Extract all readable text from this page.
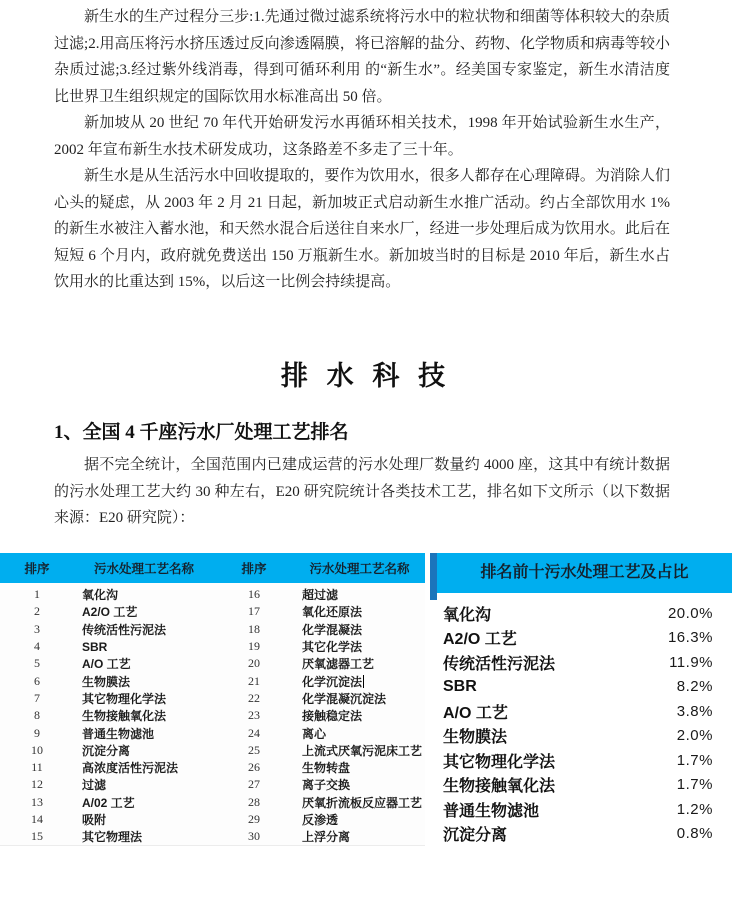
新生水的生产过程分三步:1.先通过微过滤系统将污水中的粒状物和细菌等体积较大的杂质过滤;2.用高压将污水挤压透过反向渗透隔膜，将已溶解的盐分、药物、化学物质和病毒等较小杂质过滤;3.经过紫外线消毒，得到可循环利用 的“新生水”。经美国专家鉴定，新生水清洁度比世界卫生组织规定的国际饮用水标准高出 50 倍。

新加坡从 20 世纪 70 年代开始研发污水再循环相关技术，1998 年开始试验新生水生产，2002 年宣布新生水技术研发成功，这条路差不多走了三十年。

新生水是从生活污水中回收提取的，要作为饮用水，很多人都存在心理障碍。为消除人们心头的疑虑，从 2003 年 2 月 21 日起，新加坡正式启动新生水推广活动。约占全部饮用水 1%的新生水被注入蓄水池，和天然水混合后送往自来水厂，经进一步处理后成为饮用水。此后在短短 6 个月内，政府就免费送出 150 万瓶新生水。新加坡当时的目标是 2010 年后，新生水占饮用水的比重达到 15%，以后这一比例会持续提高。

排 水 科 技
1、全国 4 千座污水厂处理工艺排名

据不完全统计，全国范围内已建成运营的污水处理厂数量约 4000 座，这其中有统计数据的污水处理工艺大约 30 种左右，E20 研究院统计各类技术工艺，排名如下文所示（以下数据来源：E20 研究院）：

排序	污水处理工艺名称	排序	污水处理工艺名称
1	氧化沟	16	超过滤
2	A2/O 工艺	17	氧化还原法
3	传统活性污泥法	18	化学混凝法
4	SBR	19	其它化学法
5	A/O 工艺	20	厌氧滤器工艺
6	生物膜法	21	化学沉淀法
7	其它物理化学法	22	化学混凝沉淀法
8	生物接触氧化法	23	接触稳定法
9	普通生物滤池	24	离心
10	沉淀分离	25	上流式厌氧污泥床工艺
11	高浓度活性污泥法	26	生物转盘
12	过滤	27	离子交换
13	A/02 工艺	28	厌氧折流板反应器工艺
14	吸附	29	反渗透
15	其它物理法	30	上浮分离
排名前十污水处理工艺及占比
氧化沟	20.0%
A2/O 工艺	16.3%
传统活性污泥法	11.9%
SBR	8.2%
A/O 工艺	3.8%
生物膜法	2.0%
其它物理化学法	1.7%
生物接触氧化法	1.7%
普通生物滤池	1.2%
沉淀分离	0.8%
